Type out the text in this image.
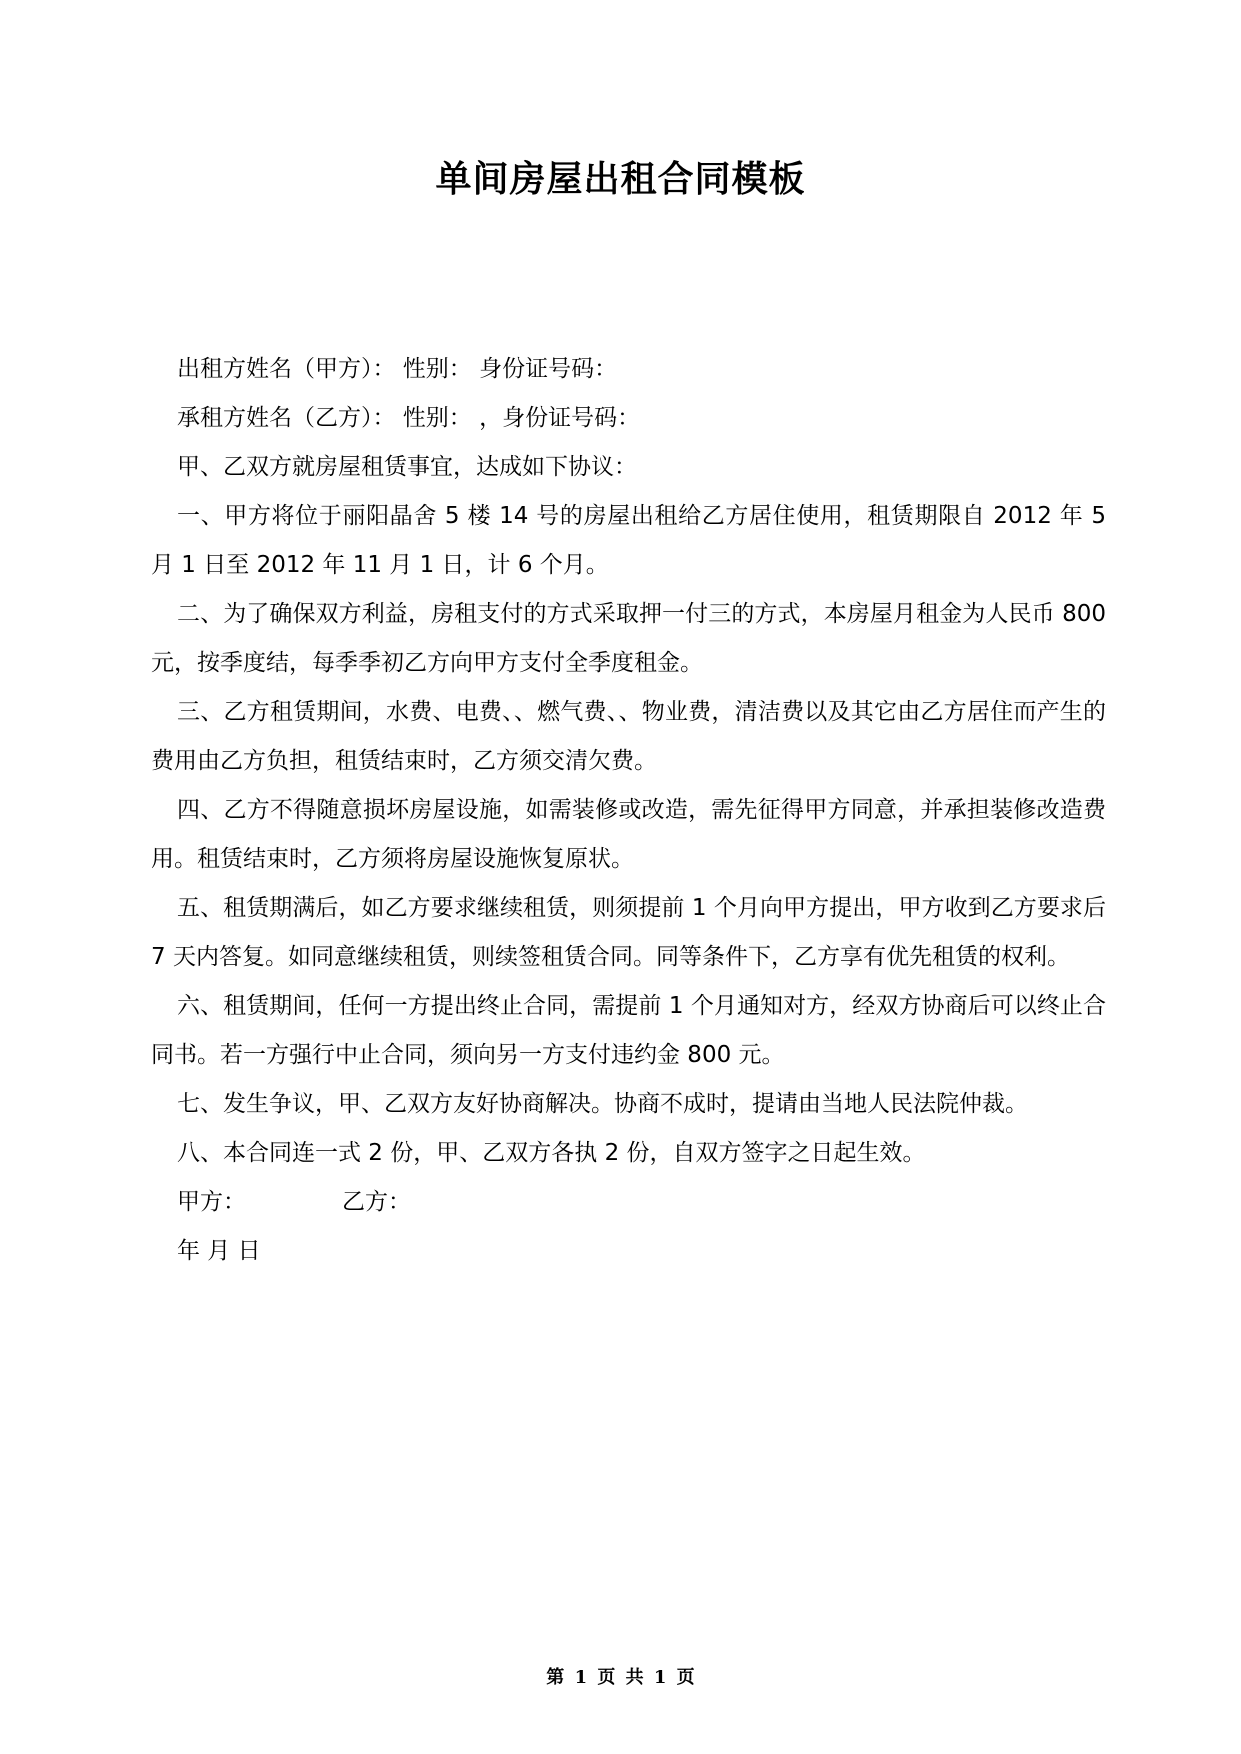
单间房屋出租合同模板

出租方姓名（甲方）： 性别： 身份证号码：

承租方姓名（乙方）： 性别： ，身份证号码：

甲、乙双方就房屋租赁事宜，达成如下协议：

一、甲方将位于丽阳晶舍 5 楼 14 号的房屋出租给乙方居住使用，租赁期限自 2012 年 5 月 1 日至 2012 年 11 月 1 日，计 6 个月。

二、为了确保双方利益，房租支付的方式采取押一付三的方式，本房屋月租金为人民币 800 元，按季度结，每季季初乙方向甲方支付全季度租金。

三、乙方租赁期间，水费、电费、、燃气费、、物业费，清洁费以及其它由乙方居住而产生的费用由乙方负担，租赁结束时，乙方须交清欠费。

四、乙方不得随意损坏房屋设施，如需装修或改造，需先征得甲方同意，并承担装修改造费用。租赁结束时，乙方须将房屋设施恢复原状。

五、租赁期满后，如乙方要求继续租赁，则须提前 1 个月向甲方提出，甲方收到乙方要求后 7 天内答复。如同意继续租赁，则续签租赁合同。同等条件下，乙方享有优先租赁的权利。

六、租赁期间，任何一方提出终止合同，需提前 1 个月通知对方，经双方协商后可以终止合同书。若一方强行中止合同，须向另一方支付违约金 800 元。

七、发生争议，甲、乙双方友好协商解决。协商不成时，提请由当地人民法院仲裁。

八、本合同连一式 2 份，甲、乙双方各执 2 份，自双方签字之日起生效。

甲方：	乙方：

年 月 日

第 1 页 共 1 页
